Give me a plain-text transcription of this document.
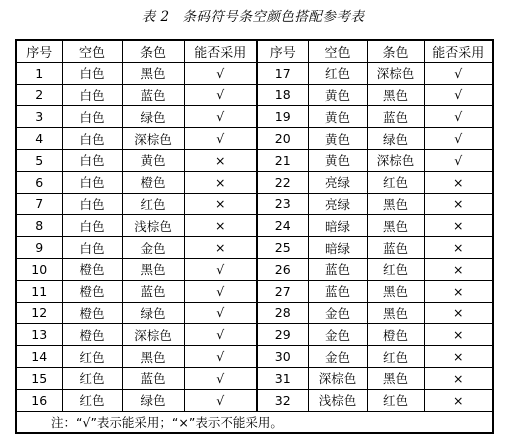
表 2 条码符号条空颜色搭配参考表
序号	空色	条色	能否采用	序号	空色	条色	能否采用
1	白色	黑色	√	17	红色	深棕色	√
2	白色	蓝色	√	18	黄色	黑色	√
3	白色	绿色	√	19	黄色	蓝色	√
4	白色	深棕色	√	20	黄色	绿色	√
5	白色	黄色	×	21	黄色	深棕色	√
6	白色	橙色	×	22	亮绿	红色	×
7	白色	红色	×	23	亮绿	黑色	×
8	白色	浅棕色	×	24	暗绿	黑色	×
9	白色	金色	×	25	暗绿	蓝色	×
10	橙色	黑色	√	26	蓝色	红色	×
11	橙色	蓝色	√	27	蓝色	黑色	×
12	橙色	绿色	√	28	金色	黑色	×
13	橙色	深棕色	√	29	金色	橙色	×
14	红色	黑色	√	30	金色	红色	×
15	红色	蓝色	√	31	深棕色	黑色	×
16	红色	绿色	√	32	浅棕色	红色	×
注：“√”表示能采用；“×”表示不能采用。							
